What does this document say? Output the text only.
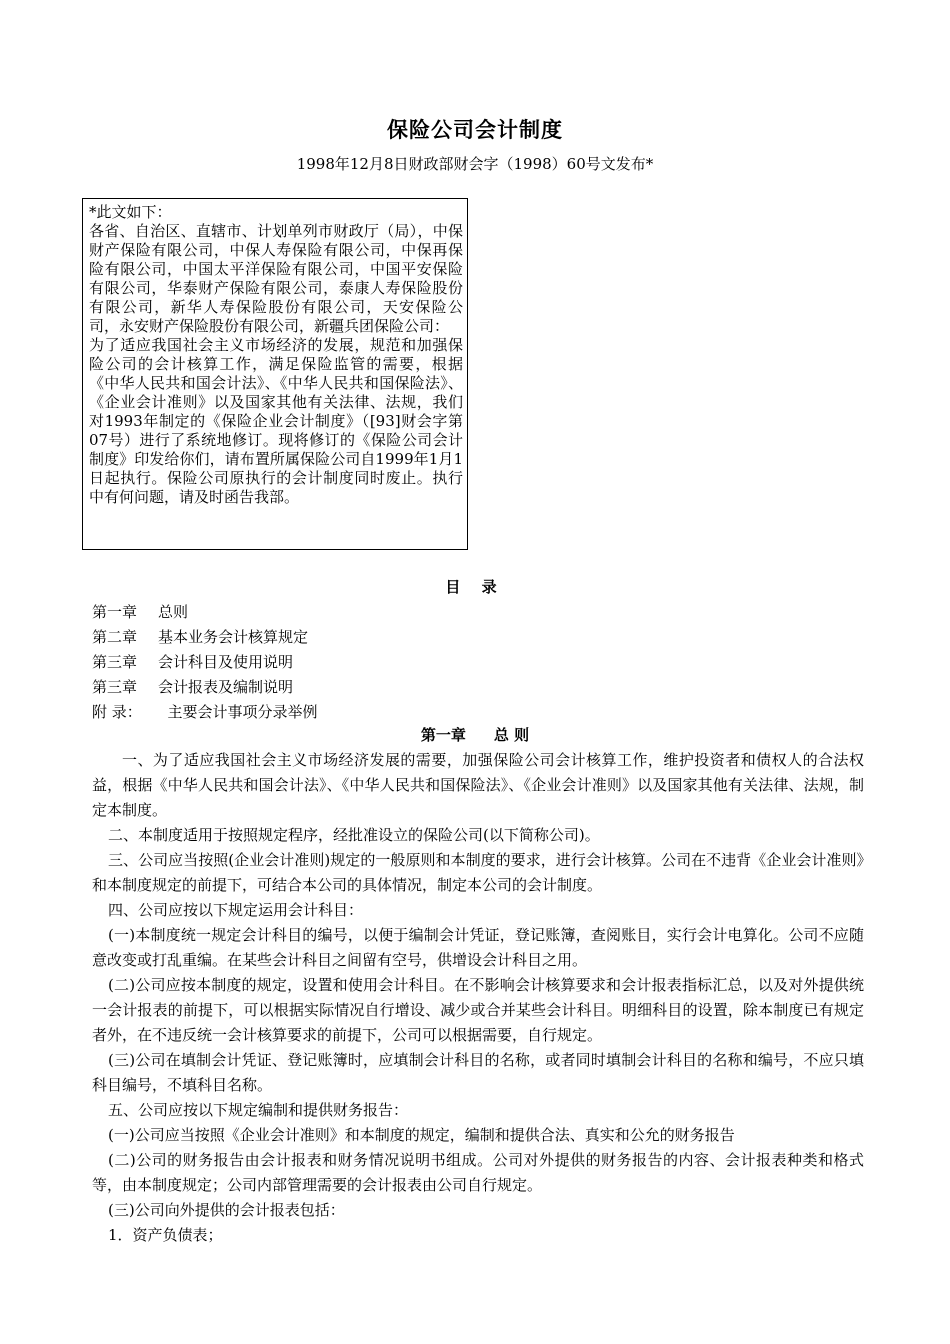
保险公司会计制度
1998年12月8日财政部财会字（1998）60号文发布*

*此文如下：

各省、自治区、直辖市、计划单列市财政厅（局），中保财产保险有限公司，中保人寿保险有限公司，中保再保险有限公司，中国太平洋保险有限公司，中国平安保险有限公司，华泰财产保险有限公司，泰康人寿保险股份有限公司，新华人寿保险股份有限公司，天安保险公司，永安财产保险股份有限公司，新疆兵团保险公司：

为了适应我国社会主义市场经济的发展，规范和加强保险公司的会计核算工作，满足保险监管的需要，根据《中华人民共和国会计法》、《中华人民共和国保险法》、《企业会计准则》以及国家其他有关法律、法规，我们对1993年制定的《保险企业会计制度》（[93]财会字第07号）进行了系统地修订。现将修订的《保险公司会计制度》印发给你们，请布置所属保险公司自1999年1月1日起执行。保险公司原执行的会计制度同时废止。执行中有何问题，请及时函告我部。

目 录
第一章 总则
第二章 基本业务会计核算规定
第三章 会计科目及使用说明
第三章 会计报表及编制说明
附 录：  主要会计事项分录举例
第一章 总 则

一、为了适应我国社会主义市场经济发展的需要，加强保险公司会计核算工作，维护投资者和债权人的合法权益，根据《中华人民共和国会计法》、《中华人民共和国保险法》、《企业会计准则》以及国家其他有关法律、法规，制定本制度。

二、本制度适用于按照规定程序，经批准设立的保险公司(以下简称公司)。

三、公司应当按照(企业会计准则)规定的一般原则和本制度的要求，进行会计核算。公司在不违背《企业会计准则》和本制度规定的前提下，可结合本公司的具体情况，制定本公司的会计制度。

四、公司应按以下规定运用会计科目：

(一)本制度统一规定会计科目的编号，以便于编制会计凭证，登记账簿，查阅账目，实行会计电算化。公司不应随意改变或打乱重编。在某些会计科目之间留有空号，供增设会计科目之用。

(二)公司应按本制度的规定，设置和使用会计科目。在不影响会计核算要求和会计报表指标汇总，以及对外提供统一会计报表的前提下，可以根据实际情况自行增设、减少或合并某些会计科目。明细科目的设置，除本制度已有规定者外，在不违反统一会计核算要求的前提下，公司可以根据需要，自行规定。

(三)公司在填制会计凭证、登记账簿时，应填制会计科目的名称，或者同时填制会计科目的名称和编号，不应只填科目编号，不填科目名称。

五、公司应按以下规定编制和提供财务报告：

(一)公司应当按照《企业会计准则》和本制度的规定，编制和提供合法、真实和公允的财务报告

(二)公司的财务报告由会计报表和财务情况说明书组成。公司对外提供的财务报告的内容、会计报表种类和格式等，由本制度规定；公司内部管理需要的会计报表由公司自行规定。

(三)公司向外提供的会计报表包括：

1．资产负债表；
